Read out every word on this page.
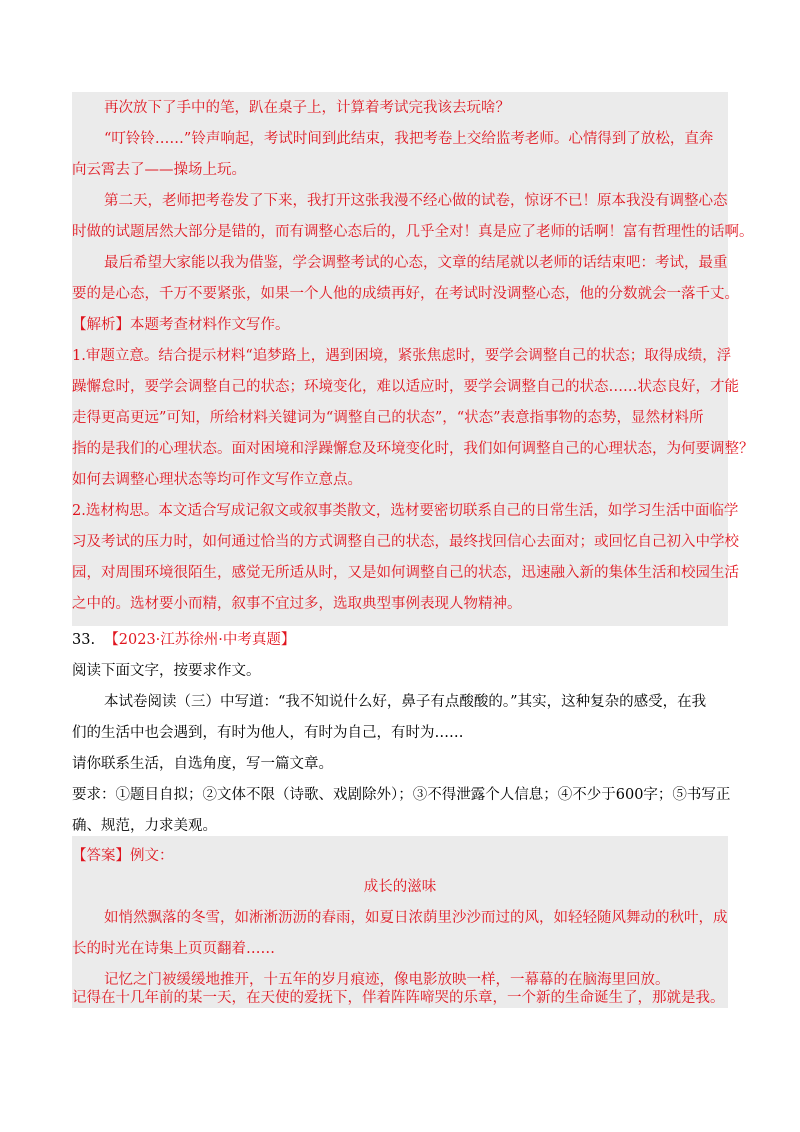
再次放下了手中的笔，趴在桌子上，计算着考试完我该去玩啥？
“叮铃铃……”铃声响起，考试时间到此结束，我把考卷上交给监考老师。心情得到了放松，直奔
向云霄去了——操场上玩。
第二天，老师把考卷发了下来，我打开这张我漫不经心做的试卷，惊讶不已！原本我没有调整心态
时做的试题居然大部分是错的，而有调整心态后的，几乎全对！真是应了老师的话啊！富有哲理性的话啊。
最后希望大家能以我为借鉴，学会调整考试的心态，文章的结尾就以老师的话结束吧：考试，最重
要的是心态，千万不要紧张，如果一个人他的成绩再好，在考试时没调整心态，他的分数就会一落千丈。
【解析】本题考查材料作文写作。
1.审题立意。结合提示材料“追梦路上，遇到困境，紧张焦虑时，要学会调整自己的状态；取得成绩，浮
躁懈怠时，要学会调整自己的状态；环境变化，难以适应时，要学会调整自己的状态……状态良好，才能
走得更高更远”可知，所给材料关键词为“调整自己的状态”，“状态”表意指事物的态势，显然材料所
指的是我们的心理状态。面对困境和浮躁懈怠及环境变化时，我们如何调整自己的心理状态，为何要调整？
如何去调整心理状态等均可作文写作立意点。
2.选材构思。本文适合写成记叙文或叙事类散文，选材要密切联系自己的日常生活，如学习生活中面临学
习及考试的压力时，如何通过恰当的方式调整自己的状态，最终找回信心去面对；或回忆自己初入中学校
园，对周围环境很陌生，感觉无所适从时，又是如何调整自己的状态，迅速融入新的集体生活和校园生活
之中的。选材要小而精，叙事不宜过多，选取典型事例表现人物精神。
33. 【2023·江苏徐州·中考真题】
阅读下面文字，按要求作文。
本试卷阅读（三）中写道：“我不知说什么好，鼻子有点酸酸的。”其实，这种复杂的感受，在我
们的生活中也会遇到，有时为他人，有时为自己，有时为……
请你联系生活，自选角度，写一篇文章。
要求：①题目自拟；②文体不限（诗歌、戏剧除外）；③不得泄露个人信息；④不少于600字；⑤书写正
确、规范，力求美观。
【答案】例文：
成长的滋味
如悄然飘落的冬雪，如淅淅沥沥的春雨，如夏日浓荫里沙沙而过的风，如轻轻随风舞动的秋叶，成
长的时光在诗集上页页翻着……
记忆之门被缓缓地推开，十五年的岁月痕迹，像电影放映一样，一幕幕的在脑海里回放。
记得在十几年前的某一天，在天使的爱抚下，伴着阵阵啼哭的乐章，一个新的生命诞生了，那就是我。
